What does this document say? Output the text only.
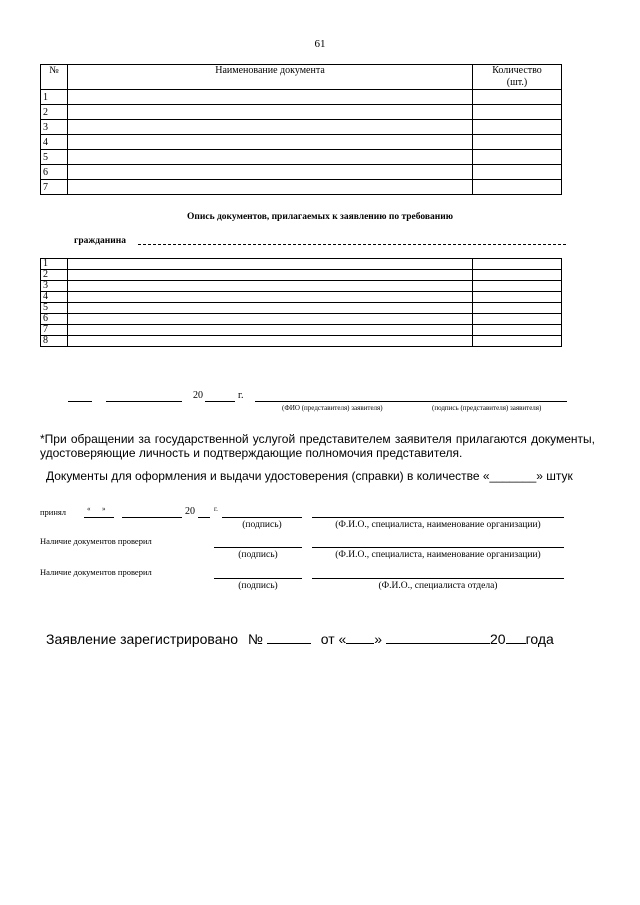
61
№	Наименование документа	Количество
(шт.)
1		
2		
3		
4		
5		
6		
7		
Опись документов, прилагаемых к заявлению по требованию
гражданина
1		
2		
3		
4		
5		
6		
7		
8		
20	г.
(ФИО (представителя) заявителя)	(подпись (представителя) заявителя)
*При обращении за государственной услугой представителем заявителя прилагаются документы, удостоверяющие личность и подтверждающие полномочия представителя.
Документы для оформления и выдачи удостоверения (справки) в количестве «_______» штук
принял	« »	20	г.
(подпись)	(Ф.И.О., специалиста, наименование организации)
Наличие документов проверил
(подпись)	(Ф.И.О., специалиста, наименование организации)
Наличие документов проверил
(подпись)	(Ф.И.О., специалиста отдела)
Заявление зарегистрировано №	от « »	20 года
